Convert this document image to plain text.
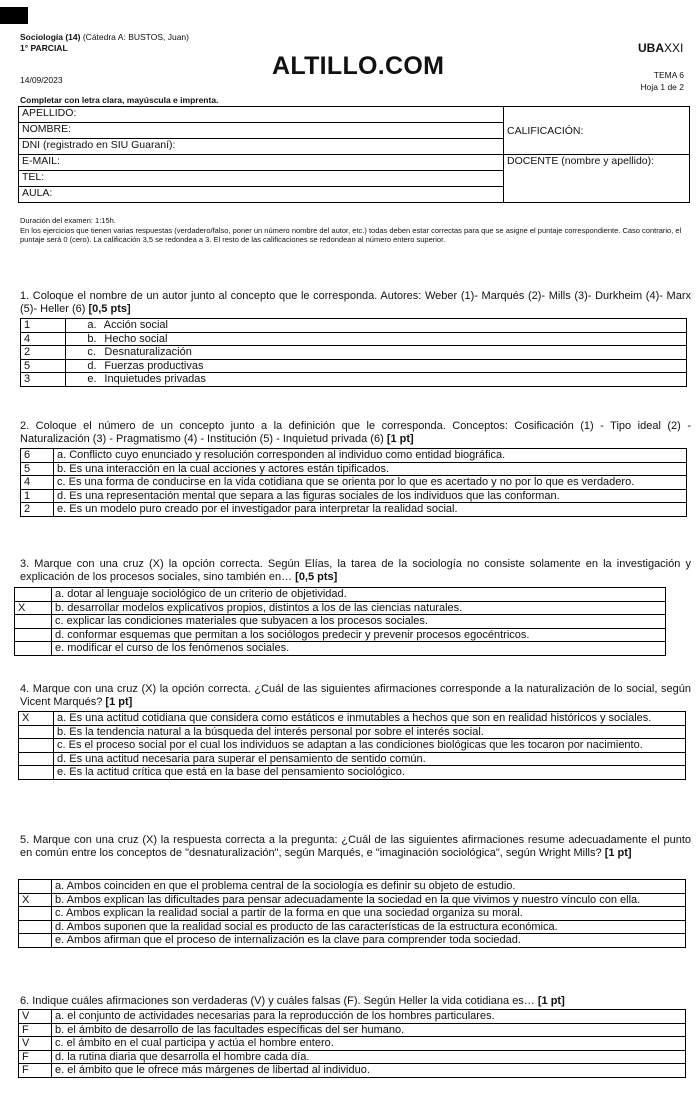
Sociología (14) (Cátedra A: BUSTOS, Juan)
1° PARCIAL
ALTILLO.COM
UBAXXI
14/09/2023	TEMA 6
Hoja 1 de 2
Completar con letra clara, mayúscula e imprenta.
APELLIDO:	CALIFICACIÓN:
NOMBRE:	
DNI (registrado en SIU Guaraní):	
E-MAIL:	DOCENTE (nombre y apellido):
TEL:	
AULA:	
Duración del examen: 1:15h.
En los ejercicios que tienen varias respuestas (verdadero/falso, poner un número nombre del autor, etc.) todas deben estar correctas para que se asigne el puntaje correspondiente. Caso contrario, el puntaje será 0 (cero). La calificación 3,5 se redondea a 3. El resto de las calificaciones se redondean al número entero superior.
1. Coloque el nombre de un autor junto al concepto que le corresponda. Autores: Weber (1)- Marqués (2)- Mills (3)- Durkheim (4)- Marx (5)- Heller (6) [0,5 pts]
1	a. Acción social
4	b. Hecho social
2	c. Desnaturalización
5	d. Fuerzas productivas
3	e. Inquietudes privadas
2. Coloque el número de un concepto junto a la definición que le corresponda. Conceptos: Cosificación (1) - Tipo ideal (2) - Naturalización (3) - Pragmatismo (4) - Institución (5) - Inquietud privada (6) [1 pt]
6	a. Conflicto cuyo enunciado y resolución corresponden al individuo como entidad biográfica.
5	b. Es una interacción en la cual acciones y actores están tipificados.
4	c. Es una forma de conducirse en la vida cotidiana que se orienta por lo que es acertado y no por lo que es verdadero.
1	d. Es una representación mental que separa a las figuras sociales de los individuos que las conforman.
2	e. Es un modelo puro creado por el investigador para interpretar la realidad social.
3. Marque con una cruz (X) la opción correcta. Según Elías, la tarea de la sociología no consiste solamente en la investigación y explicación de los procesos sociales, sino también en… [0,5 pts]
	a. dotar al lenguaje sociológico de un criterio de objetividad.
X	b. desarrollar modelos explicativos propios, distintos a los de las ciencias naturales.
	c. explicar las condiciones materiales que subyacen a los procesos sociales.
	d. conformar esquemas que permitan a los sociólogos predecir y prevenir procesos egocéntricos.
	e. modificar el curso de los fenómenos sociales.
4. Marque con una cruz (X) la opción correcta. ¿Cuál de las siguientes afirmaciones corresponde a la naturalización de lo social, según Vicent Marqués? [1 pt]
X	a. Es una actitud cotidiana que considera como estáticos e inmutables a hechos que son en realidad históricos y sociales.
	b. Es la tendencia natural a la búsqueda del interés personal por sobre el interés social.
	c. Es el proceso social por el cual los individuos se adaptan a las condiciones biológicas que les tocaron por nacimiento.
	d. Es una actitud necesaria para superar el pensamiento de sentido común.
	e. Es la actitud crítica que está en la base del pensamiento sociológico.
5. Marque con una cruz (X) la respuesta correcta a la pregunta: ¿Cuál de las siguientes afirmaciones resume adecuadamente el punto en común entre los conceptos de "desnaturalización", según Marqués, e "imaginación sociológica", según Wright Mills? [1 pt]
	a. Ambos coinciden en que el problema central de la sociología es definir su objeto de estudio.
X	b. Ambos explican las dificultades para pensar adecuadamente la sociedad en la que vivimos y nuestro vínculo con ella.
	c. Ambos explican la realidad social a partir de la forma en que una sociedad organiza su moral.
	d. Ambos suponen que la realidad social es producto de las características de la estructura económica.
	e. Ambos afirman que el proceso de internalización es la clave para comprender toda sociedad.
6. Indique cuáles afirmaciones son verdaderas (V) y cuáles falsas (F). Según Heller la vida cotidiana es… [1 pt]
V	a. el conjunto de actividades necesarias para la reproducción de los hombres particulares.
F	b. el ámbito de desarrollo de las facultades específicas del ser humano.
V	c. el ámbito en el cual participa y actúa el hombre entero.
F	d. la rutina diaria que desarrolla el hombre cada día.
F	e. el ámbito que le ofrece más márgenes de libertad al individuo.
